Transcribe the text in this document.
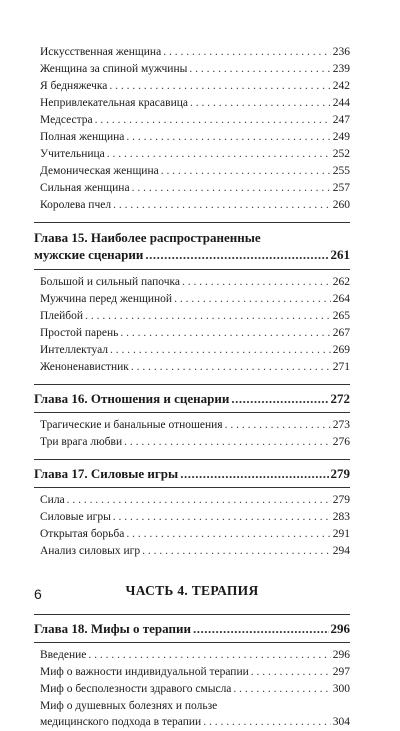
Искусственная женщина . . .	236
Женщина за спиной мужчины . . .	239
Я бедняжечка . . .	242
Непривлекательная красавица . . .	244
Медсестра . . .	247
Полная женщина . . .	249
Учительница . . .	252
Демоническая женщина . . .	255
Сильная женщина . . .	257
Королева пчел . . .	260
Глава 15. Наиболее распространенные
мужские сценарии .....	261
Большой и сильный папочка . . .	262
Мужчина перед женщиной . . .	264
Плейбой . . .	265
Простой парень . . .	267
Интеллектуал . . .	269
Женоненавистник . . .	271
Глава 16. Отношения и сценарии .....	272
Трагические и банальные отношения . . .	273
Три врага любви . . .	276
Глава 17. Силовые игры .....	279
Сила . . .	279
Силовые игры . . .	283
Открытая борьба . . .	291
Анализ силовых игр . . .	294
ЧАСТЬ 4. ТЕРАПИЯ
Глава 18. Мифы о терапии .....	296
Введение . . .	296
Миф о важности индивидуальной терапии . . .	297
Миф о бесполезности здравого смысла . . .	300
Миф о душевных болезнях и пользе
медицинского подхода в терапии . . .	304
6
